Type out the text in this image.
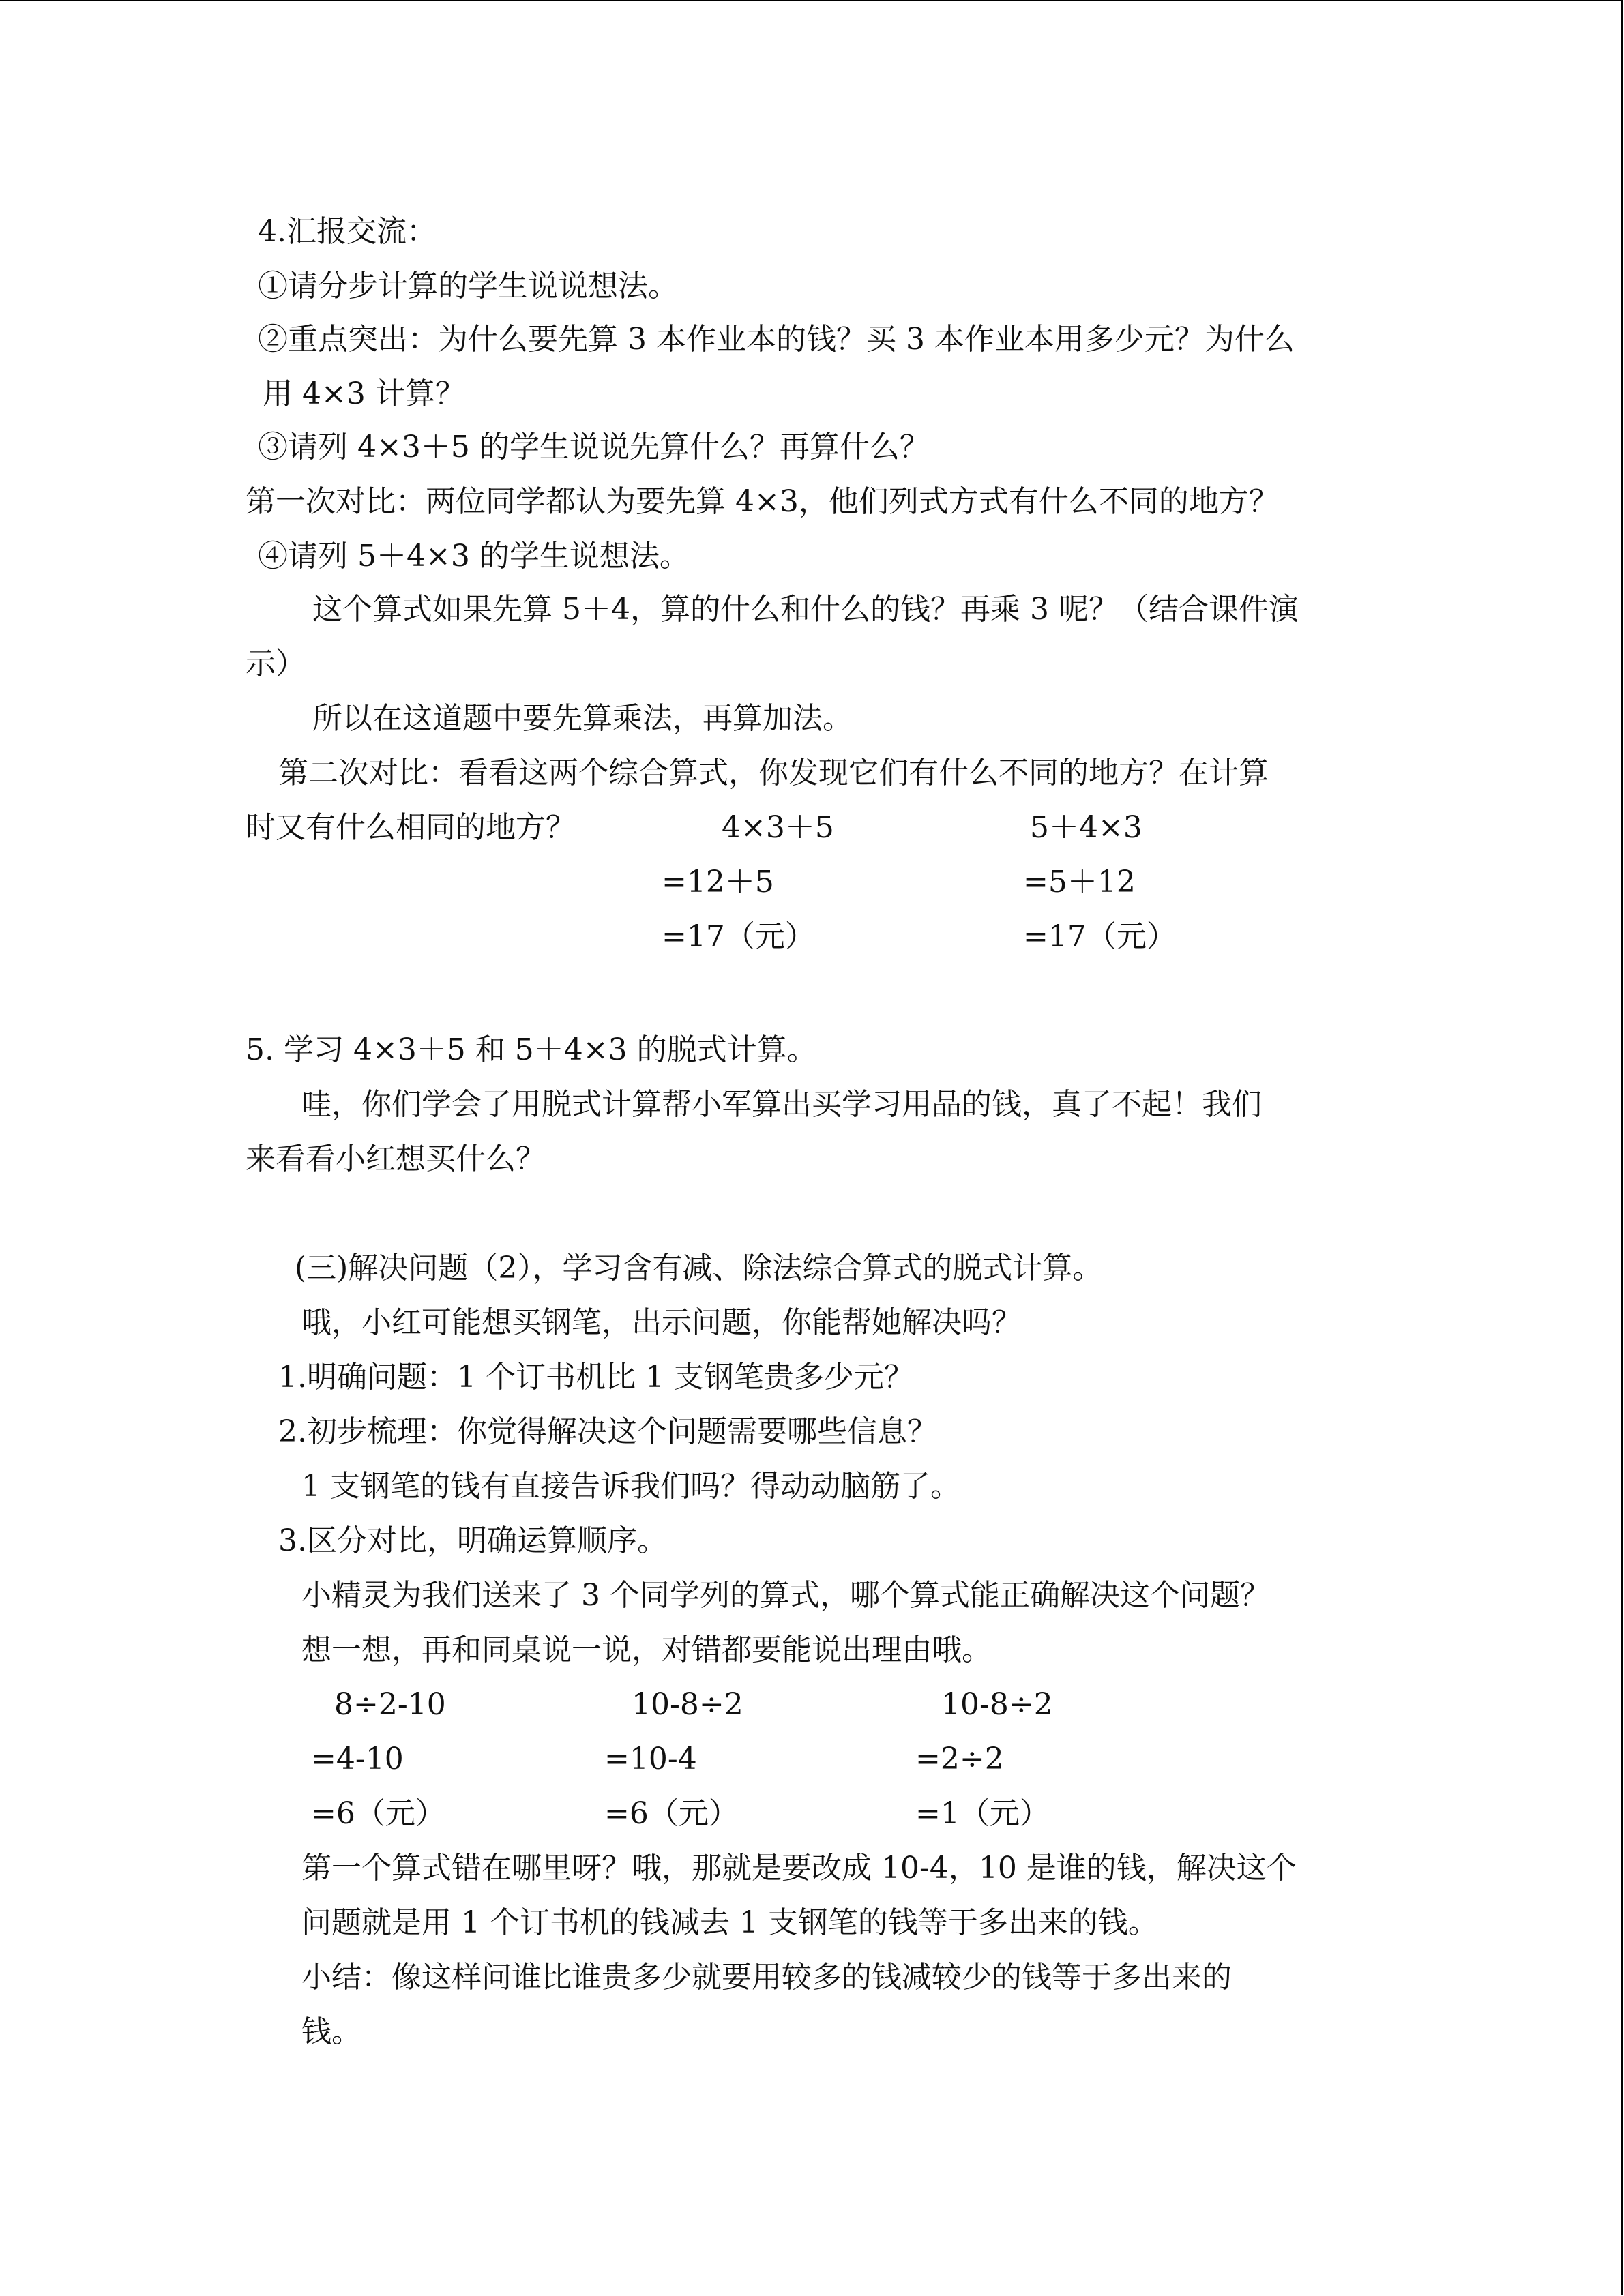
4.汇报交流：
①请分步计算的学生说说想法。
②重点突出：为什么要先算 3 本作业本的钱？买 3 本作业本用多少元？为什么
用 4×3 计算？
③请列 4×3＋5 的学生说说先算什么？再算什么？
第一次对比：两位同学都认为要先算 4×3，他们列式方式有什么不同的地方？
④请列 5＋4×3 的学生说想法。
这个算式如果先算 5＋4，算的什么和什么的钱？再乘 3 呢？（结合课件演
示）
所以在这道题中要先算乘法，再算加法。
第二次对比：看看这两个综合算式，你发现它们有什么不同的地方？在计算
时又有什么相同的地方？	4×3＋5	5＋4×3
=12＋5	=5＋12
=17（元）	=17（元）
5. 学习 4×3＋5 和 5＋4×3 的脱式计算。
哇，你们学会了用脱式计算帮小军算出买学习用品的钱，真了不起！我们
来看看小红想买什么？
(三)解决问题（2），学习含有减、除法综合算式的脱式计算。
哦，小红可能想买钢笔，出示问题，你能帮她解决吗？
1.明确问题：1 个订书机比 1 支钢笔贵多少元？
2.初步梳理：你觉得解决这个问题需要哪些信息？
1 支钢笔的钱有直接告诉我们吗？得动动脑筋了。
3.区分对比，明确运算顺序。
小精灵为我们送来了 3 个同学列的算式，哪个算式能正确解决这个问题？
想一想，再和同桌说一说，对错都要能说出理由哦。
8÷2-10	10-8÷2	10-8÷2
=4-10	=10-4	=2÷2
=6（元）	=6（元）	=1（元）
第一个算式错在哪里呀？哦，那就是要改成 10-4，10 是谁的钱，解决这个
问题就是用 1 个订书机的钱减去 1 支钢笔的钱等于多出来的钱。
小结：像这样问谁比谁贵多少就要用较多的钱减较少的钱等于多出来的
钱。
